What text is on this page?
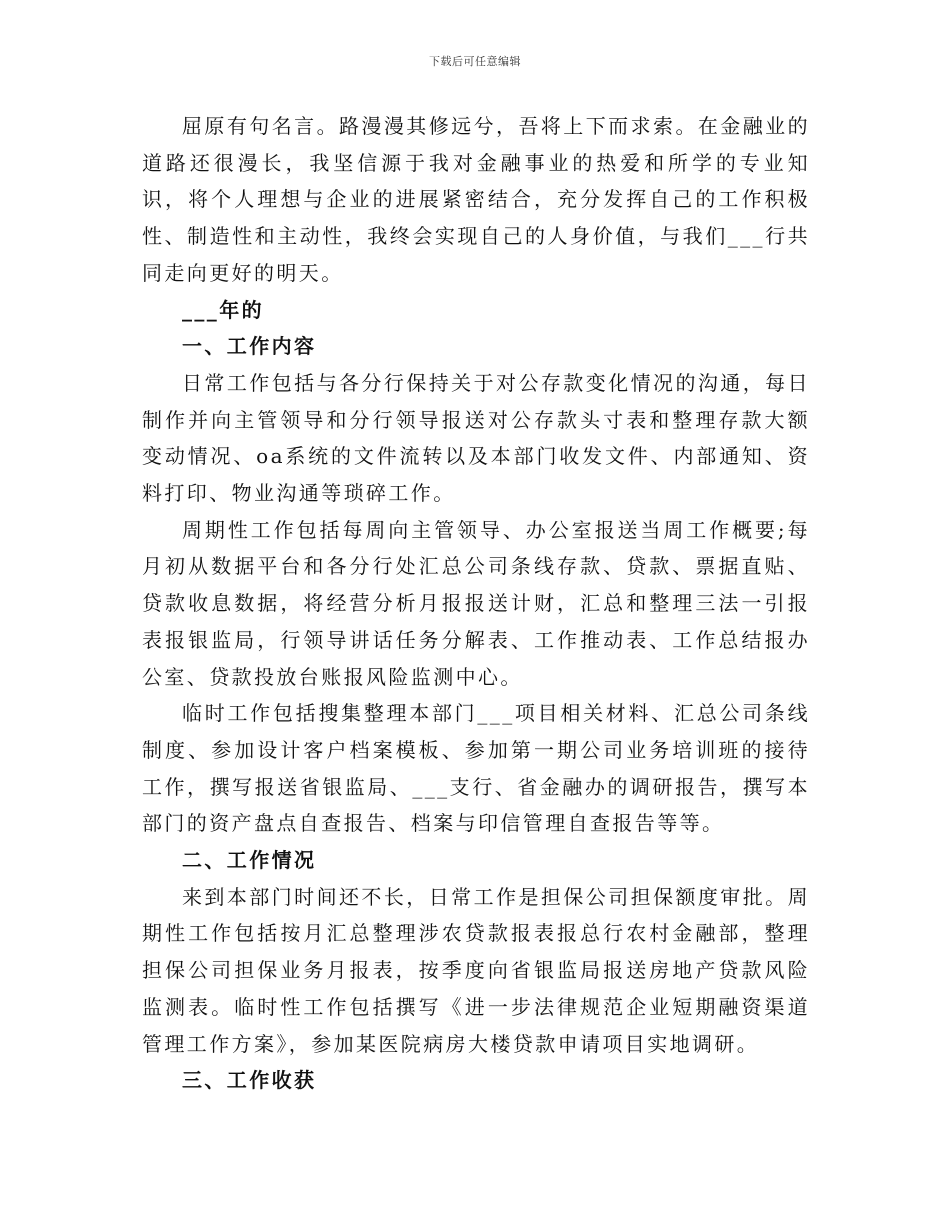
下载后可任意编辑

屈原有句名言。路漫漫其修远兮，吾将上下而求索。在金融业的道路还很漫长，我坚信源于我对金融事业的热爱和所学的专业知识，将个人理想与企业的进展紧密结合，充分发挥自己的工作积极性、制造性和主动性，我终会实现自己的人身价值，与我们___行共同走向更好的明天。

___年的
一、工作内容

日常工作包括与各分行保持关于对公存款变化情况的沟通，每日制作并向主管领导和分行领导报送对公存款头寸表和整理存款大额变动情况、oa系统的文件流转以及本部门收发文件、内部通知、资料打印、物业沟通等琐碎工作。

周期性工作包括每周向主管领导、办公室报送当周工作概要;每月初从数据平台和各分行处汇总公司条线存款、贷款、票据直贴、贷款收息数据，将经营分析月报报送计财，汇总和整理三法一引报表报银监局，行领导讲话任务分解表、工作推动表、工作总结报办公室、贷款投放台账报风险监测中心。

临时工作包括搜集整理本部门___项目相关材料、汇总公司条线制度、参加设计客户档案模板、参加第一期公司业务培训班的接待工作，撰写报送省银监局、___支行、省金融办的调研报告，撰写本部门的资产盘点自查报告、档案与印信管理自查报告等等。

二、工作情况

来到本部门时间还不长，日常工作是担保公司担保额度审批。周期性工作包括按月汇总整理涉农贷款报表报总行农村金融部，整理担保公司担保业务月报表，按季度向省银监局报送房地产贷款风险监测表。临时性工作包括撰写《进一步法律规范企业短期融资渠道管理工作方案》，参加某医院病房大楼贷款申请项目实地调研。

三、工作收获
